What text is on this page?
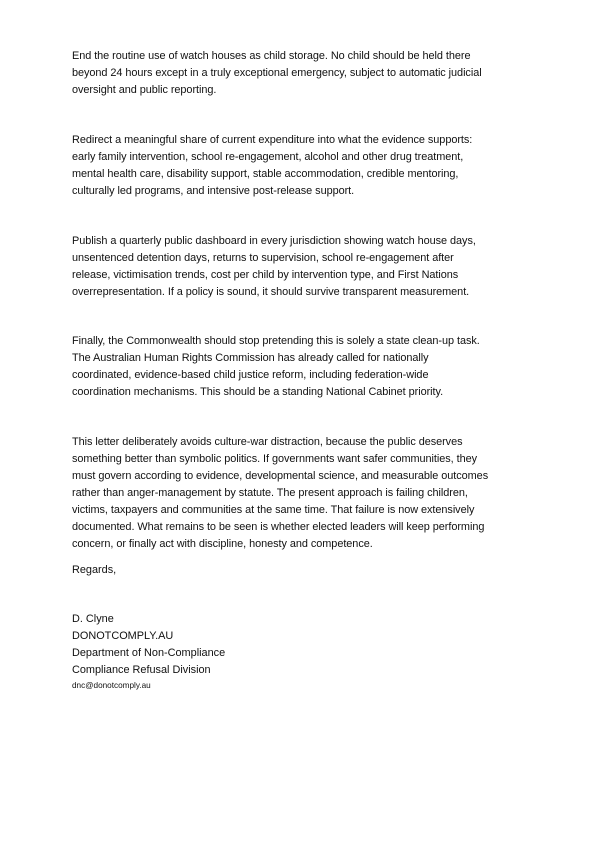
End the routine use of watch houses as child storage. No child should be held there
beyond 24 hours except in a truly exceptional emergency, subject to automatic judicial
oversight and public reporting.

Redirect a meaningful share of current expenditure into what the evidence supports:
early family intervention, school re-engagement, alcohol and other drug treatment,
mental health care, disability support, stable accommodation, credible mentoring,
culturally led programs, and intensive post-release support.

Publish a quarterly public dashboard in every jurisdiction showing watch house days,
unsentenced detention days, returns to supervision, school re-engagement after
release, victimisation trends, cost per child by intervention type, and First Nations
overrepresentation. If a policy is sound, it should survive transparent measurement.

Finally, the Commonwealth should stop pretending this is solely a state clean-up task.
The Australian Human Rights Commission has already called for nationally
coordinated, evidence-based child justice reform, including federation-wide
coordination mechanisms. This should be a standing National Cabinet priority.

This letter deliberately avoids culture-war distraction, because the public deserves
something better than symbolic politics. If governments want safer communities, they
must govern according to evidence, developmental science, and measurable outcomes
rather than anger-management by statute. The present approach is failing children,
victims, taxpayers and communities at the same time. That failure is now extensively
documented. What remains to be seen is whether elected leaders will keep performing
concern, or finally act with discipline, honesty and competence.

Regards,

D. Clyne
DONOTCOMPLY.AU
Department of Non-Compliance
Compliance Refusal Division
dnc@donotcomply.au
